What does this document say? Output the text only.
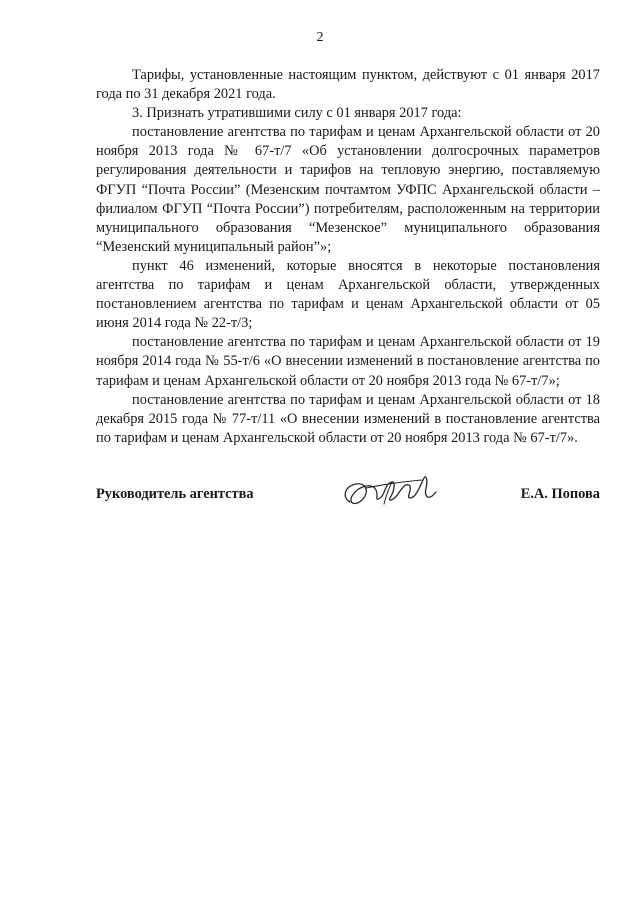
2

Тарифы, установленные настоящим пунктом, действуют с 01 января 2017 года по 31 декабря 2021 года.

3. Признать утратившими силу с 01 января 2017 года:

постановление агентства по тарифам и ценам Архангельской области от 20 ноября 2013 года № 67-т/7 «Об установлении долгосрочных параметров регулирования деятельности и тарифов на тепловую энергию, поставляемую ФГУП “Почта России” (Мезенским почтамтом УФПС Архангельской области – филиалом ФГУП “Почта России”) потребителям, расположенным на территории муниципального образования “Мезенское” муниципального образования “Мезенский муниципальный район”»;

пункт 46 изменений, которые вносятся в некоторые постановления агентства по тарифам и ценам Архангельской области, утвержденных постановлением агентства по тарифам и ценам Архангельской области от 05 июня 2014 года № 22-т/3;

постановление агентства по тарифам и ценам Архангельской области от 19 ноября 2014 года № 55-т/6 «О внесении изменений в постановление агентства по тарифам и ценам Архангельской области от 20 ноября 2013 года № 67-т/7»;

постановление агентства по тарифам и ценам Архангельской области от 18 декабря 2015 года № 77-т/11 «О внесении изменений в постановление агентства по тарифам и ценам Архангельской области от 20 ноября 2013 года № 67-т/7».

Руководитель агентства	Е.А. Попова
